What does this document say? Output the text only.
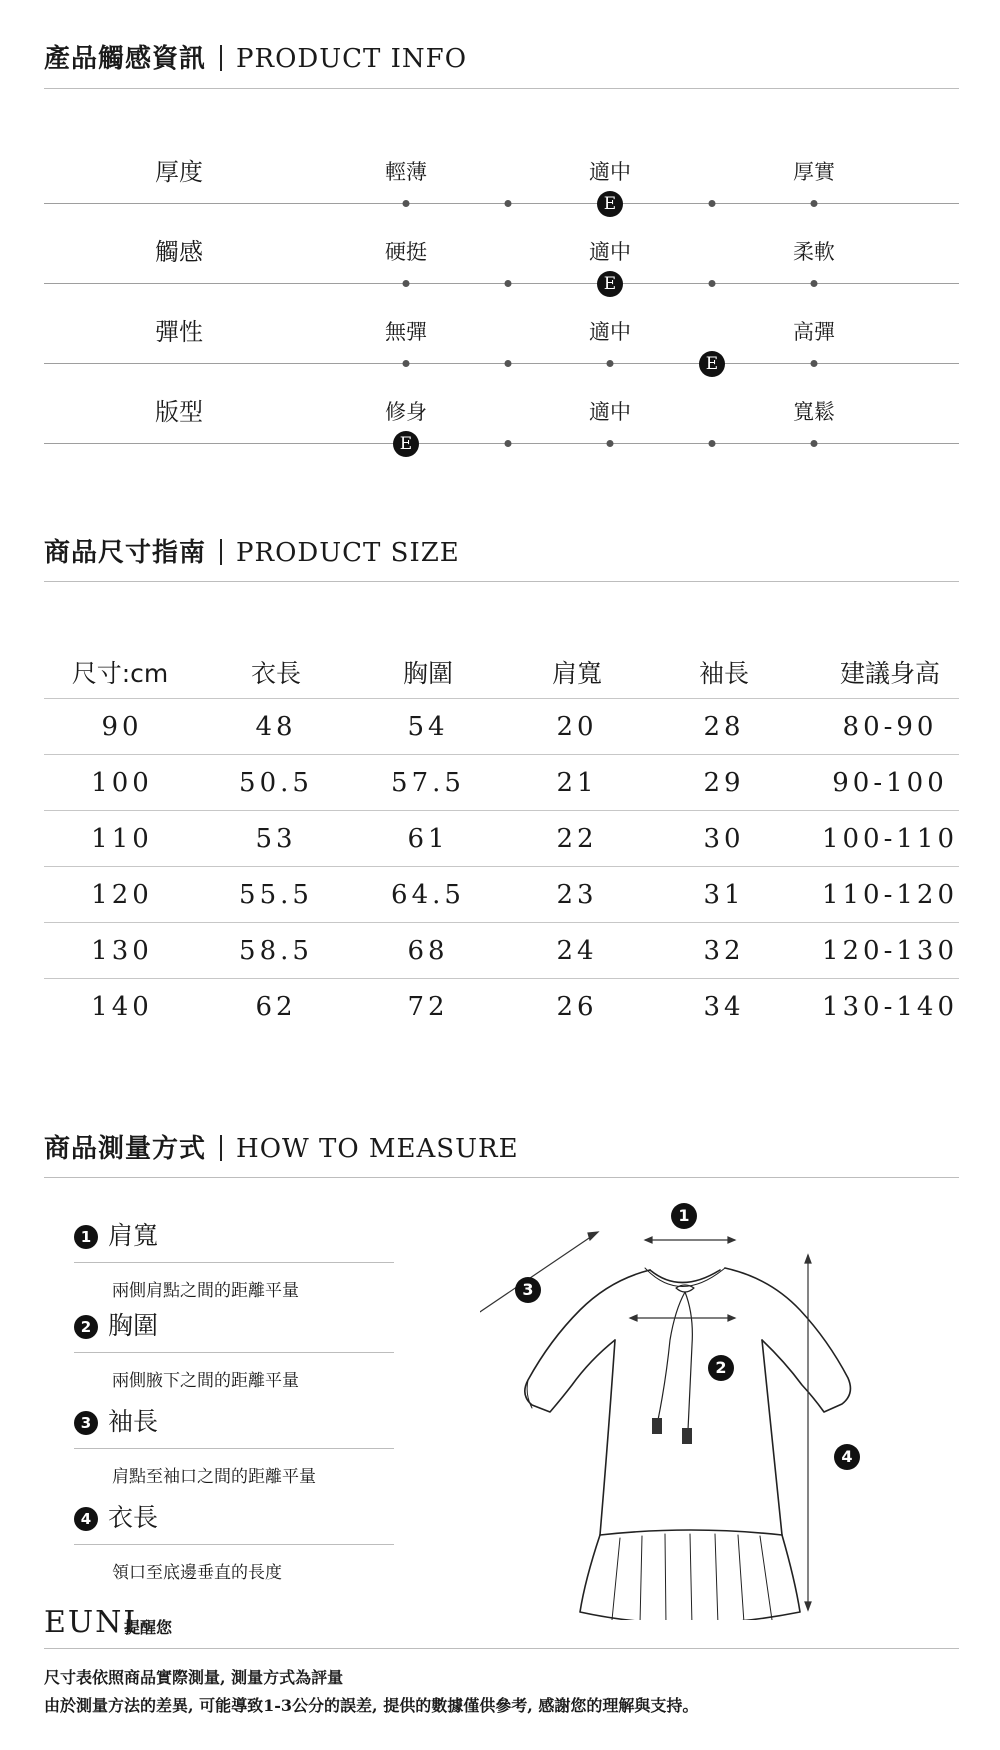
產品觸感資訊 PRODUCT INFO
厚度	輕薄	適中	厚實
E
觸感	硬挺	適中	柔軟
E
彈性	無彈	適中	高彈
E
版型	修身	適中	寬鬆
E
商品尺寸指南 PRODUCT SIZE
尺寸:cm	衣長	胸圍	肩寬	袖長	建議身高
90	48	54	20	28	80-90
100	50.5	57.5	21	29	90-100
110	53	61	22	30	100-110
120	55.5	64.5	23	31	110-120
130	58.5	68	24	32	120-130
140	62	72	26	34	130-140
商品測量方式 HOW TO MEASURE
1 肩寬
兩側肩點之間的距離平量
2 胸圍
兩側腋下之間的距離平量
3 袖長
肩點至袖口之間的距離平量
4 衣長
領口至底邊垂直的長度
1
2
3
4
EUNI
提醒您
尺寸表依照商品實際測量, 測量方式為評量
由於測量方法的差異, 可能導致1-3公分的誤差, 提供的數據僅供參考, 感謝您的理解與支持。
